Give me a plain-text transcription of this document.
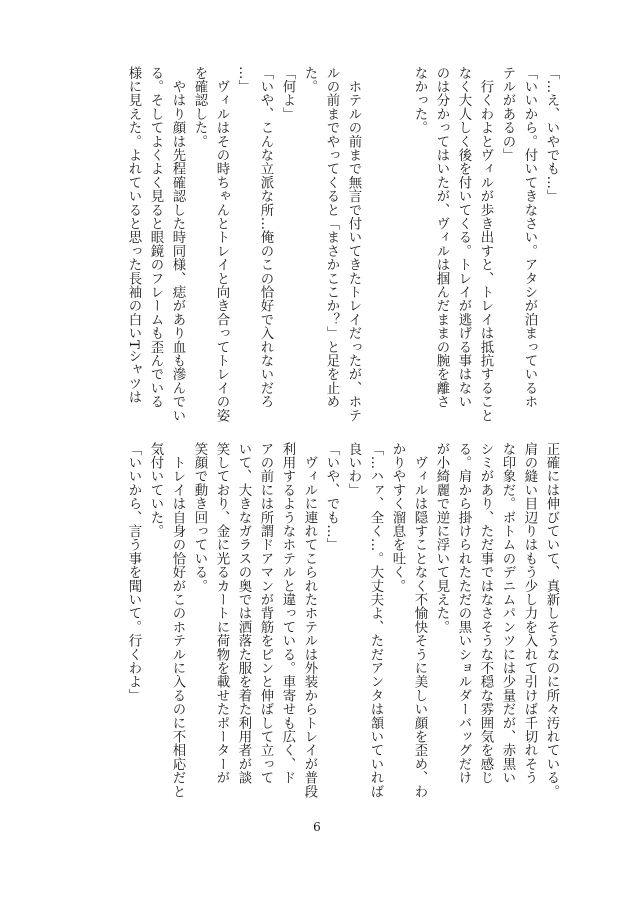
「…え、いやでも…」
「いいから。付いてきなさい。アタシが泊まっているホ
テルがあるの」
　行くわよとヴィルが歩き出すと、トレイは抵抗すること
なく大人しく後を付いてくる。トレイが逃げる事はない
のは分かってはいたが、ヴィルは掴んだままの腕を離さ
なかった。

　ホテルの前まで無言で付いてきたトレイだったが、ホテ
ルの前までやってくると「まさかここか？」と足を止め
た。
「何よ」
「いや、こんな立派な所…俺のこの恰好で入れないだろ
…」
　ヴィルはその時ちゃんとトレイと向き合ってトレイの姿
を確認した。
　やはり顔は先程確認した時同様、痣があり血も滲んでい
る。そしてよくよく見ると眼鏡のフレームも歪んでいる
様に見えた。よれていると思った長袖の白いTシャツは
正確には伸びていて、真新しそうなのに所々汚れている。
肩の縫い目辺りはもう少し力を入れて引けば千切れそう
な印象だ。ボトムのデニムパンツには少量だが、赤黒い
シミがあり、ただ事ではなさそうな不穏な雰囲気を感じ
る。肩から掛けられたただの黒いショルダーバッグだけ
が小綺麗で逆に浮いて見えた。
　ヴィルは隠すことなく不愉快そうに美しい顔を歪め、わ
かりやすく溜息を吐く。
「…ハァ、全く…。大丈夫よ、ただアンタは頷いていれば
良いわ」
「いや、でも…」
　ヴィルに連れてこられたホテルは外装からトレイが普段
利用するようなホテルと違っている。車寄せも広く、ド
アの前には所謂ドアマンが背筋をピンと伸ばして立って
いて、大きなガラスの奥では洒落た服を着た利用者が談
笑しており、金に光るカートに荷物を載せたポーターが
笑顔で動き回っている。
　トレイは自身の恰好がこのホテルに入るのに不相応だと
気付いていた。
「いいから、言う事を聞いて。行くわよ」
6
